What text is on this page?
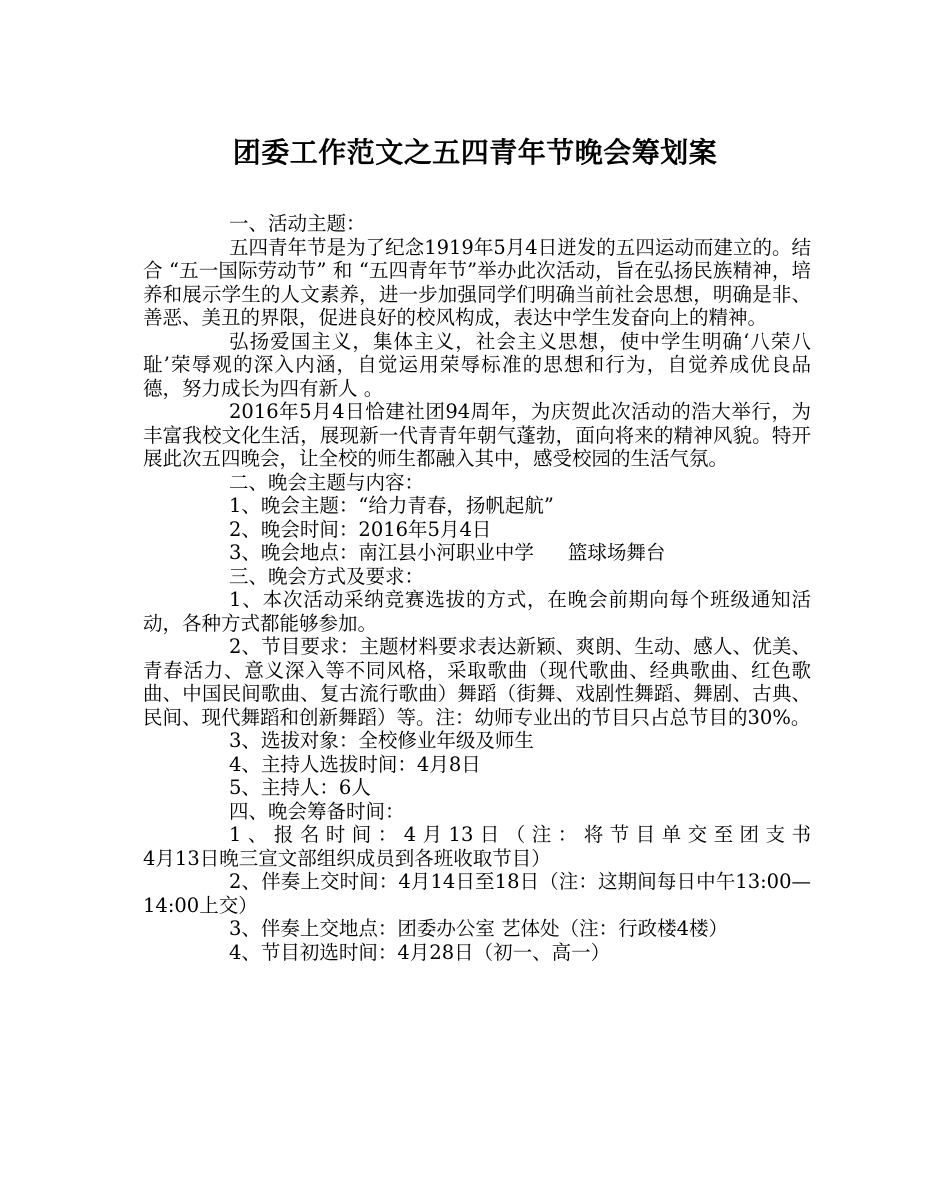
团委工作范文之五四青年节晚会筹划案

一、活动主题：

五四青年节是为了纪念1919年5月4日迸发的五四运动而建立的。结合 “五一国际劳动节” 和 “五四青年节”举办此次活动，旨在弘扬民族精神，培养和展示学生的人文素养，进一步加强同学们明确当前社会思想，明确是非、善恶、美丑的界限，促进良好的校风构成，表达中学生发奋向上的精神。

弘扬爱国主义，集体主义，社会主义思想，使中学生明确‘八荣八耻’荣辱观的深入内涵，自觉运用荣辱标准的思想和行为，自觉养成优良品德，努力成长为四有新人 。

2016年5月4日恰建社团94周年，为庆贺此次活动的浩大举行，为丰富我校文化生活，展现新一代青青年朝气蓬勃，面向将来的精神风貌。特开展此次五四晚会，让全校的师生都融入其中，感受校园的生活气氛。

二、晚会主题与内容：

1、晚会主题：“给力青春，扬帆起航”

2、晚会时间：2016年5月4日

3、晚会地点：南江县小河职业中学 篮球场舞台

三、晚会方式及要求：

1、本次活动采纳竞赛选拔的方式，在晚会前期向每个班级通知活动，各种方式都能够参加。

2、节目要求：主题材料要求表达新颖、爽朗、生动、感人、优美、青春活力、意义深入等不同风格，采取歌曲（现代歌曲、经典歌曲、红色歌曲、中国民间歌曲、复古流行歌曲）舞蹈（街舞、戏剧性舞蹈、舞剧、古典、民间、现代舞蹈和创新舞蹈）等。注：幼师专业出的节目只占总节目的30%。

3、选拔对象：全校修业年级及师生

4、主持人选拔时间：4月8日

5、主持人：6人

四、晚会筹备时间：

1、报名时间：4月13日（注：将节目单交至团支书

4月13日晚三宣文部组织成员到各班收取节目）

2、伴奏上交时间：4月14日至18日（注：这期间每日中午13:00—14:00上交）

3、伴奏上交地点：团委办公室 艺体处（注：行政楼4楼）

4、节目初选时间：4月28日（初一、高一）
